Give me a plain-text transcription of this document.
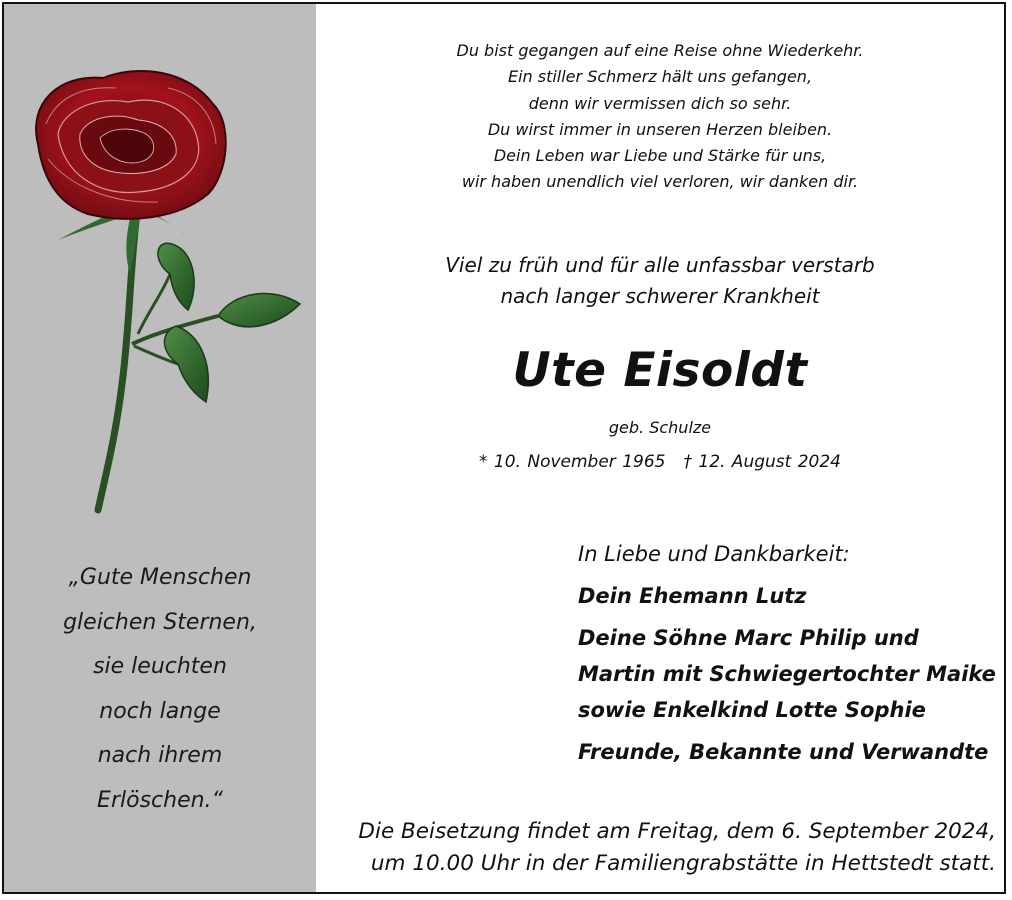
„Gute Menschen
gleichen Sternen,
sie leuchten
noch lange
nach ihrem
Erlöschen.“
Du bist gegangen auf eine Reise ohne Wiederkehr.
Ein stiller Schmerz hält uns gefangen,
denn wir vermissen dich so sehr.
Du wirst immer in unseren Herzen bleiben.
Dein Leben war Liebe und Stärke für uns,
wir haben unendlich viel verloren, wir danken dir.
Viel zu früh und für alle unfassbar verstarb
nach langer schwerer Krankheit
Ute Eisoldt
geb. Schulze
* 10. November 1965 † 12. August 2024
In Liebe und Dankbarkeit:
Dein Ehemann Lutz
Deine Söhne Marc Philip und
Martin mit Schwiegertochter Maike
sowie Enkelkind Lotte Sophie
Freunde, Bekannte und Verwandte
Die Beisetzung findet am Freitag, dem 6. September 2024,
um 10.00 Uhr in der Familiengrabstätte in Hettstedt statt.
